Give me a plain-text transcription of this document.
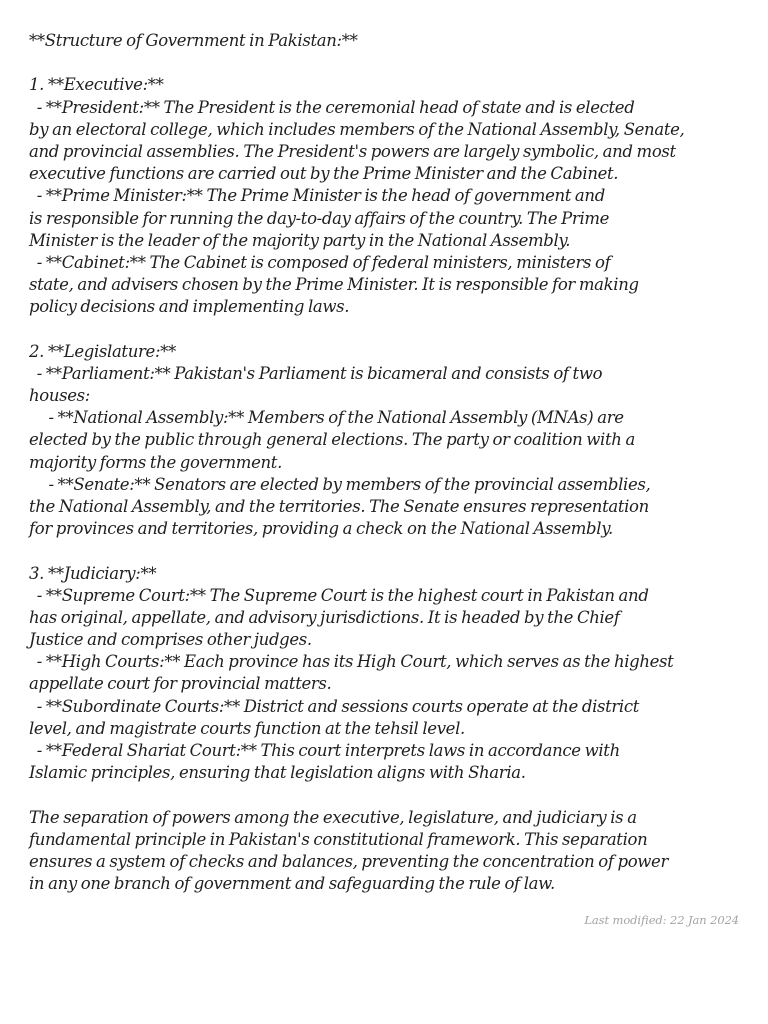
**Structure of Government in Pakistan:**
1. **Executive:**
- **President:** The President is the ceremonial head of state and is elected
by an electoral college, which includes members of the National Assembly, Senate,
and provincial assemblies. The President's powers are largely symbolic, and most
executive functions are carried out by the Prime Minister and the Cabinet.
- **Prime Minister:** The Prime Minister is the head of government and
is responsible for running the day-to-day affairs of the country. The Prime
Minister is the leader of the majority party in the National Assembly.
- **Cabinet:** The Cabinet is composed of federal ministers, ministers of
state, and advisers chosen by the Prime Minister. It is responsible for making
policy decisions and implementing laws.
2. **Legislature:**
- **Parliament:** Pakistan's Parliament is bicameral and consists of two
houses:
- **National Assembly:** Members of the National Assembly (MNAs) are
elected by the public through general elections. The party or coalition with a
majority forms the government.
- **Senate:** Senators are elected by members of the provincial assemblies,
the National Assembly, and the territories. The Senate ensures representation
for provinces and territories, providing a check on the National Assembly.
3. **Judiciary:**
- **Supreme Court:** The Supreme Court is the highest court in Pakistan and
has original, appellate, and advisory jurisdictions. It is headed by the Chief
Justice and comprises other judges.
- **High Courts:** Each province has its High Court, which serves as the highest
appellate court for provincial matters.
- **Subordinate Courts:** District and sessions courts operate at the district
level, and magistrate courts function at the tehsil level.
- **Federal Shariat Court:** This court interprets laws in accordance with
Islamic principles, ensuring that legislation aligns with Sharia.
The separation of powers among the executive, legislature, and judiciary is a
fundamental principle in Pakistan's constitutional framework. This separation
ensures a system of checks and balances, preventing the concentration of power
in any one branch of government and safeguarding the rule of law.
Last modified: 22 Jan 2024
